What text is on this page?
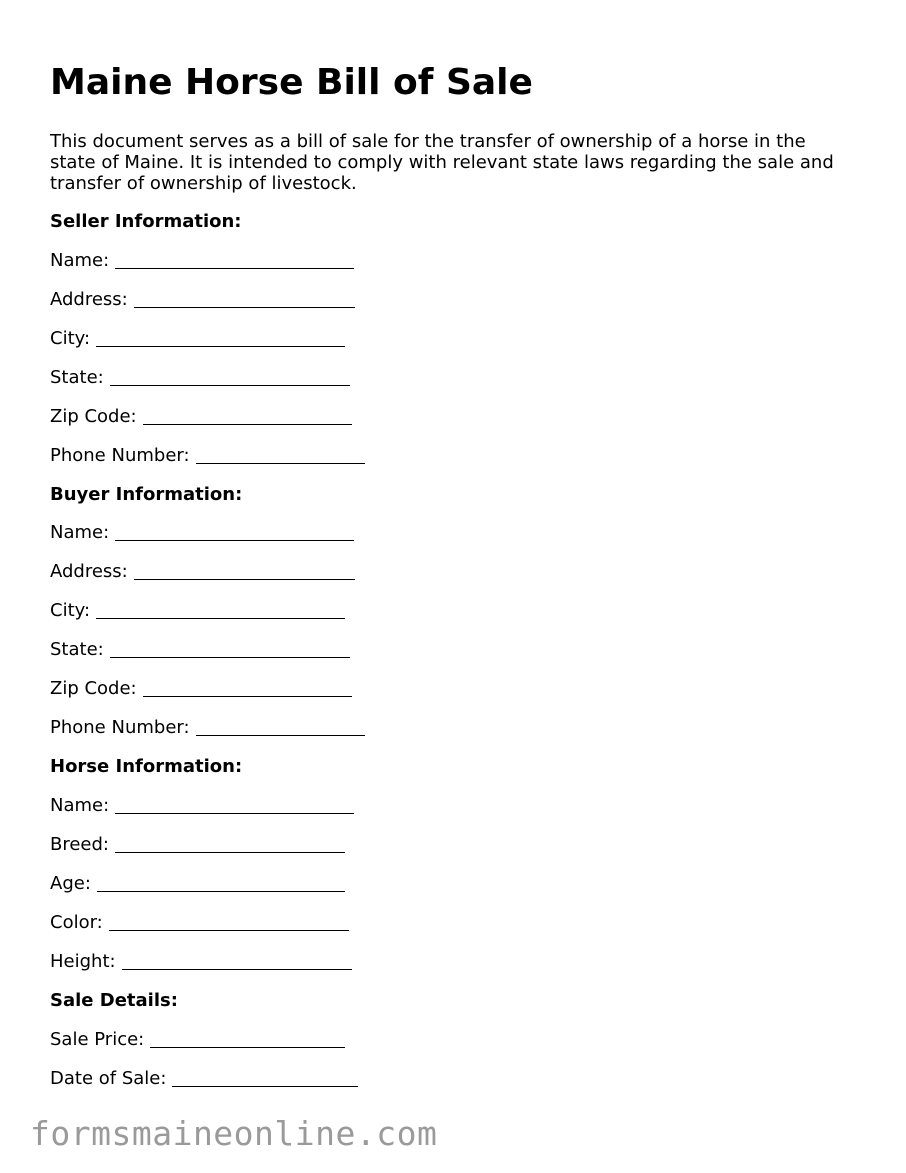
Maine Horse Bill of Sale

This document serves as a bill of sale for the transfer of ownership of a horse in the state of Maine. It is intended to comply with relevant state laws regarding the sale and transfer of ownership of livestock.

Seller Information:
Name:
Address:
City:
State:
Zip Code:
Phone Number:
Buyer Information:
Name:
Address:
City:
State:
Zip Code:
Phone Number:
Horse Information:
Name:
Breed:
Age:
Color:
Height:
Sale Details:
Sale Price:
Date of Sale:
formsmaineonline.com
